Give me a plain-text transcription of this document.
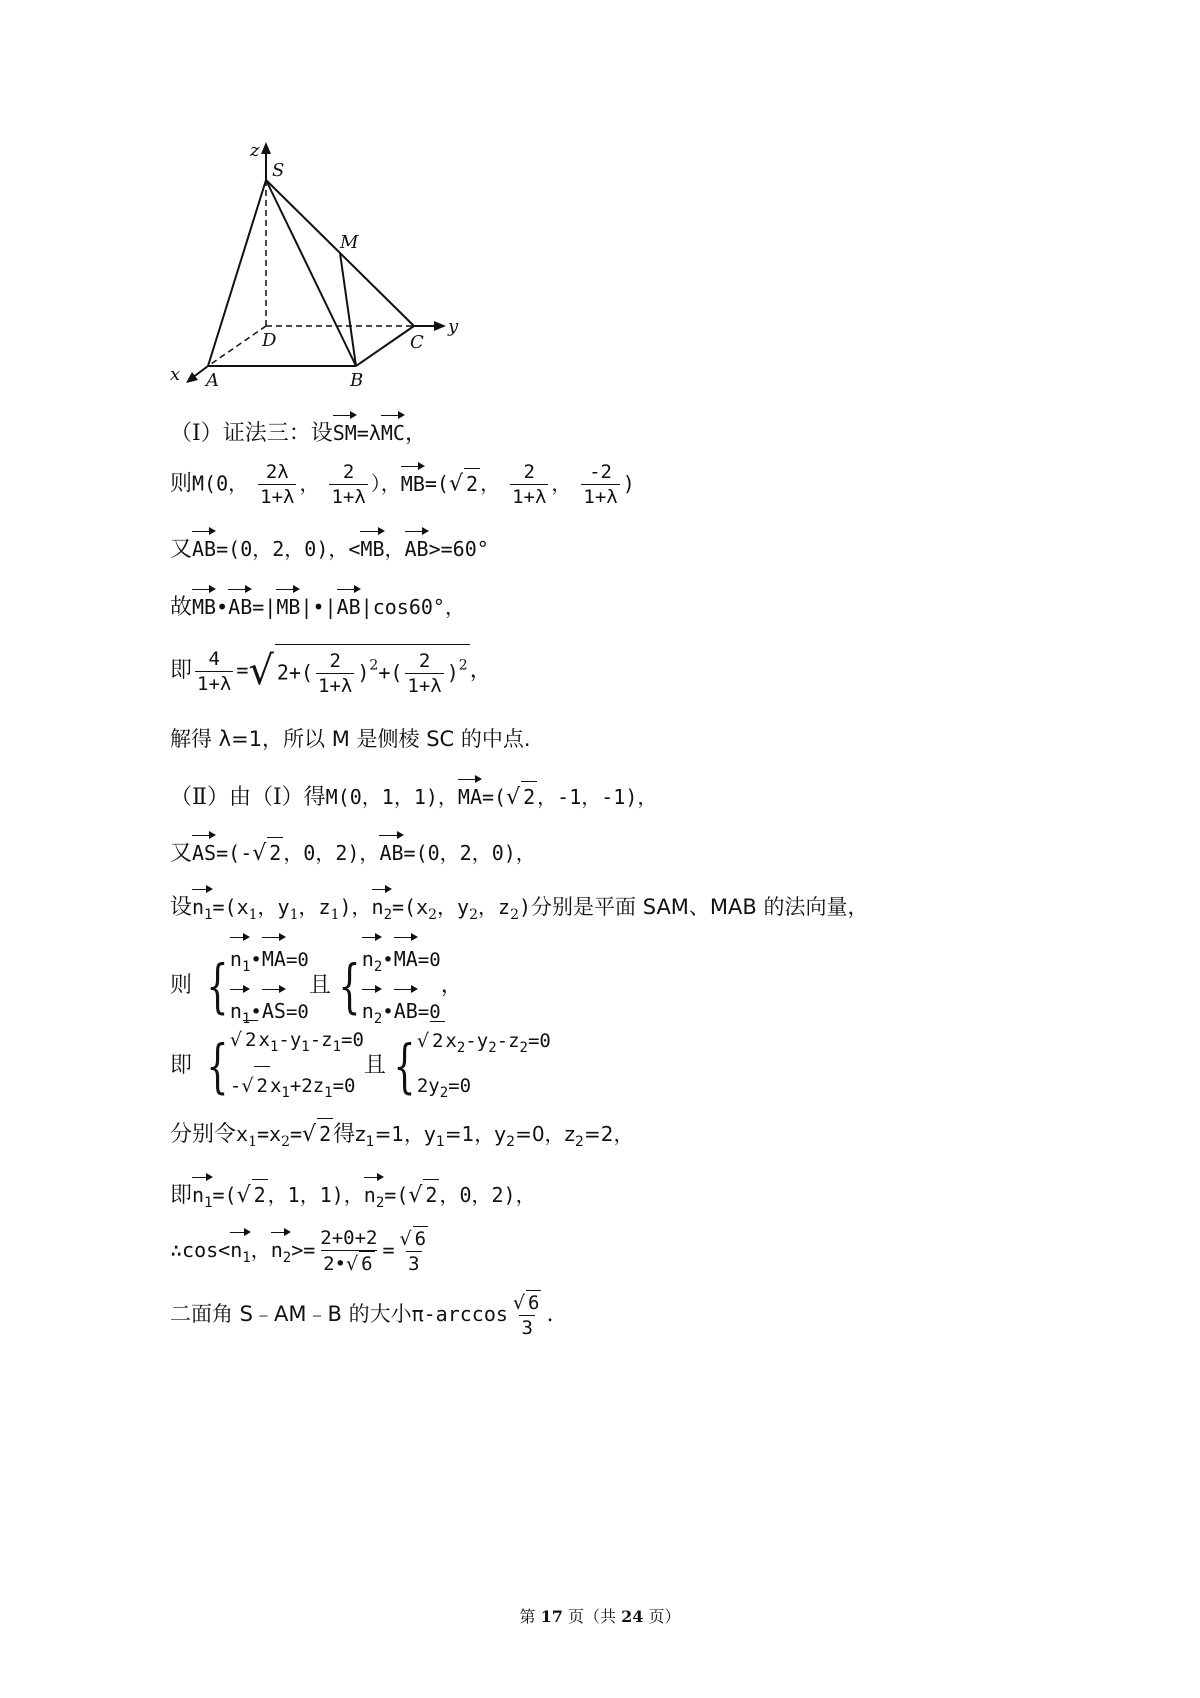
z
S
M
y
D	C
x A	B
（Ⅰ）证法三：设SM=λMC，
则M(0， $\frac{2\lambda}{1+\lambda}$ ， $\frac{2}{1+\lambda}$ ），MB=(√ 2 ， $\frac{2}{1+\lambda}$ ， $\frac{-2}{1+\lambda}$ )
又AB=(0，2，0)，<MB，AB>=60°
故MB•AB=|MB|•|AB|cos60°，
即 $\frac{4}{1+\lambda}$ =√ $2+( \frac{2}{1+\lambda} )^2+( \frac{2}{1+\lambda} )^2$，
解得 λ=1，所以 M 是侧棱 SC 的中点.
（Ⅱ）由（Ⅰ）得M(0，1，1)，MA=(√ 2 ，-1，-1)，
又AS=(-√ 2 ，0，2)，AB=(0，2，0)，
设$n_1=(x_1$，$y_1$，$z_1$)，$n_2=(x_2$，$y_2$，$z_2$)分别是平面 SAM、MAB 的法向量，
则 { $n_1•MA=0$
$n_1•AS=0$
且 { $n_2•MA=0$
$n_2•AB=0$
，
即 { √ 2 $x_1-y_1-z_1=0$
-√ 2 $x_1+2z_1=0$
且 { √ 2 $x_2-y_2-z_2=0$
$2y_2=0$
分别令$x_1=x_2=√$ 2得$z_1=1$，$y_1=1$，$y_2=0$，$z_2=2$，
即$n_1=(√$ 2 ，1，1)，$n_2=(√$ 2 ，0，2)，
$\therefore\cos<n_1$，$n_2>= \frac{2+0+2}{2•√ 6} = \frac{√ 6}{3}$
二面角 S﹣AM﹣B 的大小$\pi-\arccos \frac{√ 6}{3}$ .
第 17 页（共 24 页）
